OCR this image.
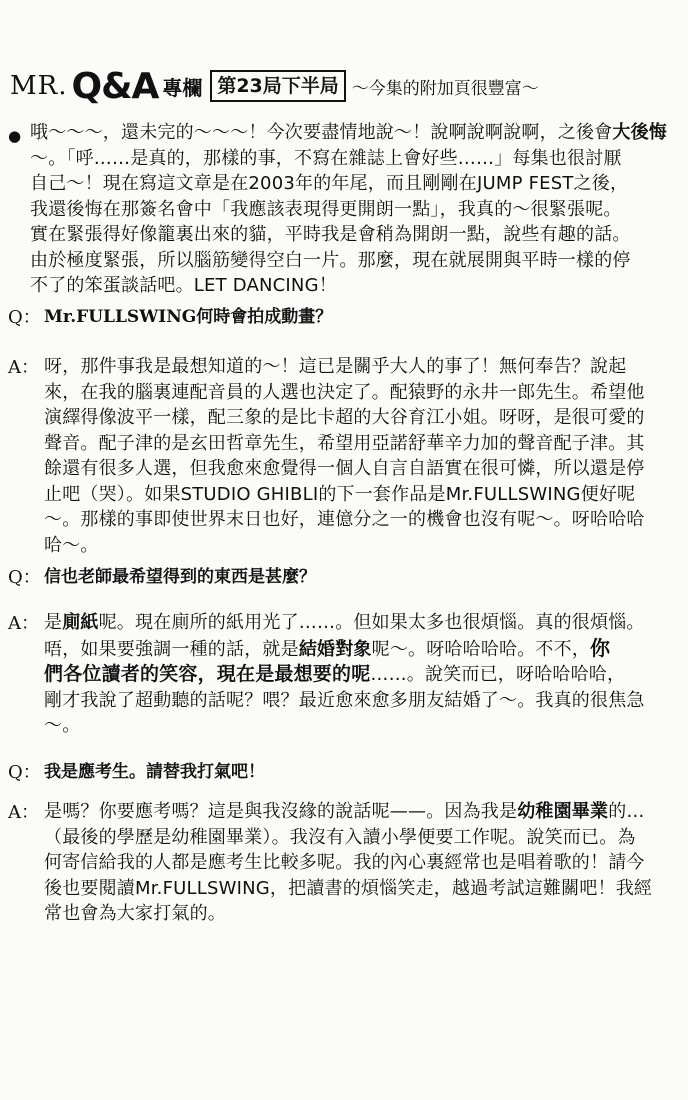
MR. Q&A 專欄 第23局下半局 ～今集的附加頁很豐富～
● 哦～～～，還未完的～～～！今次要盡情地說～！說啊說啊說啊，之後會大後悔
～。「呼……是真的，那樣的事，不寫在雜誌上會好些……」每集也很討厭
自己～！現在寫這文章是在2003年的年尾，而且剛剛在JUMP FEST之後，
我還後悔在那簽名會中「我應該表現得更開朗一點」，我真的～很緊張呢。
實在緊張得好像籠裏出來的貓，平時我是會稍為開朗一點，說些有趣的話。
由於極度緊張，所以腦筋變得空白一片。那麼，現在就展開與平時一樣的停
不了的笨蛋談話吧。LET DANCING！
Q： Mr.FULLSWING何時會拍成動畫？
A： 呀，那件事我是最想知道的～！這已是關乎大人的事了！無何奉告？說起
來，在我的腦裏連配音員的人選也決定了。配猿野的永井一郎先生。希望他
演繹得像波平一樣，配三象的是比卡超的大谷育江小姐。呀呀，是很可愛的
聲音。配子津的是玄田哲章先生，希望用亞諾舒華辛力加的聲音配子津。其
餘還有很多人選，但我愈來愈覺得一個人自言自語實在很可憐，所以還是停
止吧（哭）。如果STUDIO GHIBLI的下一套作品是Mr.FULLSWING便好呢
～。那樣的事即使世界末日也好，連億分之一的機會也沒有呢～。呀哈哈哈
哈～。
Q： 信也老師最希望得到的東西是甚麼？
A： 是廁紙呢。現在廁所的紙用光了……。但如果太多也很煩惱。真的很煩惱。
唔，如果要強調一種的話，就是結婚對象呢～。呀哈哈哈哈。不不，你
們各位讀者的笑容，現在是最想要的呢……。說笑而已，呀哈哈哈哈，
剛才我說了超動聽的話呢？喂？最近愈來愈多朋友結婚了～。我真的很焦急
～。
Q： 我是應考生。請替我打氣吧！
A： 是嗎？你要應考嗎？這是與我沒緣的說話呢——。因為我是幼稚園畢業的…
（最後的學歷是幼稚園畢業）。我沒有入讀小學便要工作呢。說笑而已。為
何寄信給我的人都是應考生比較多呢。我的內心裏經常也是唱着歌的！請今
後也要閱讀Mr.FULLSWING，把讀書的煩惱笑走，越過考試這難關吧！我經
常也會為大家打氣的。
